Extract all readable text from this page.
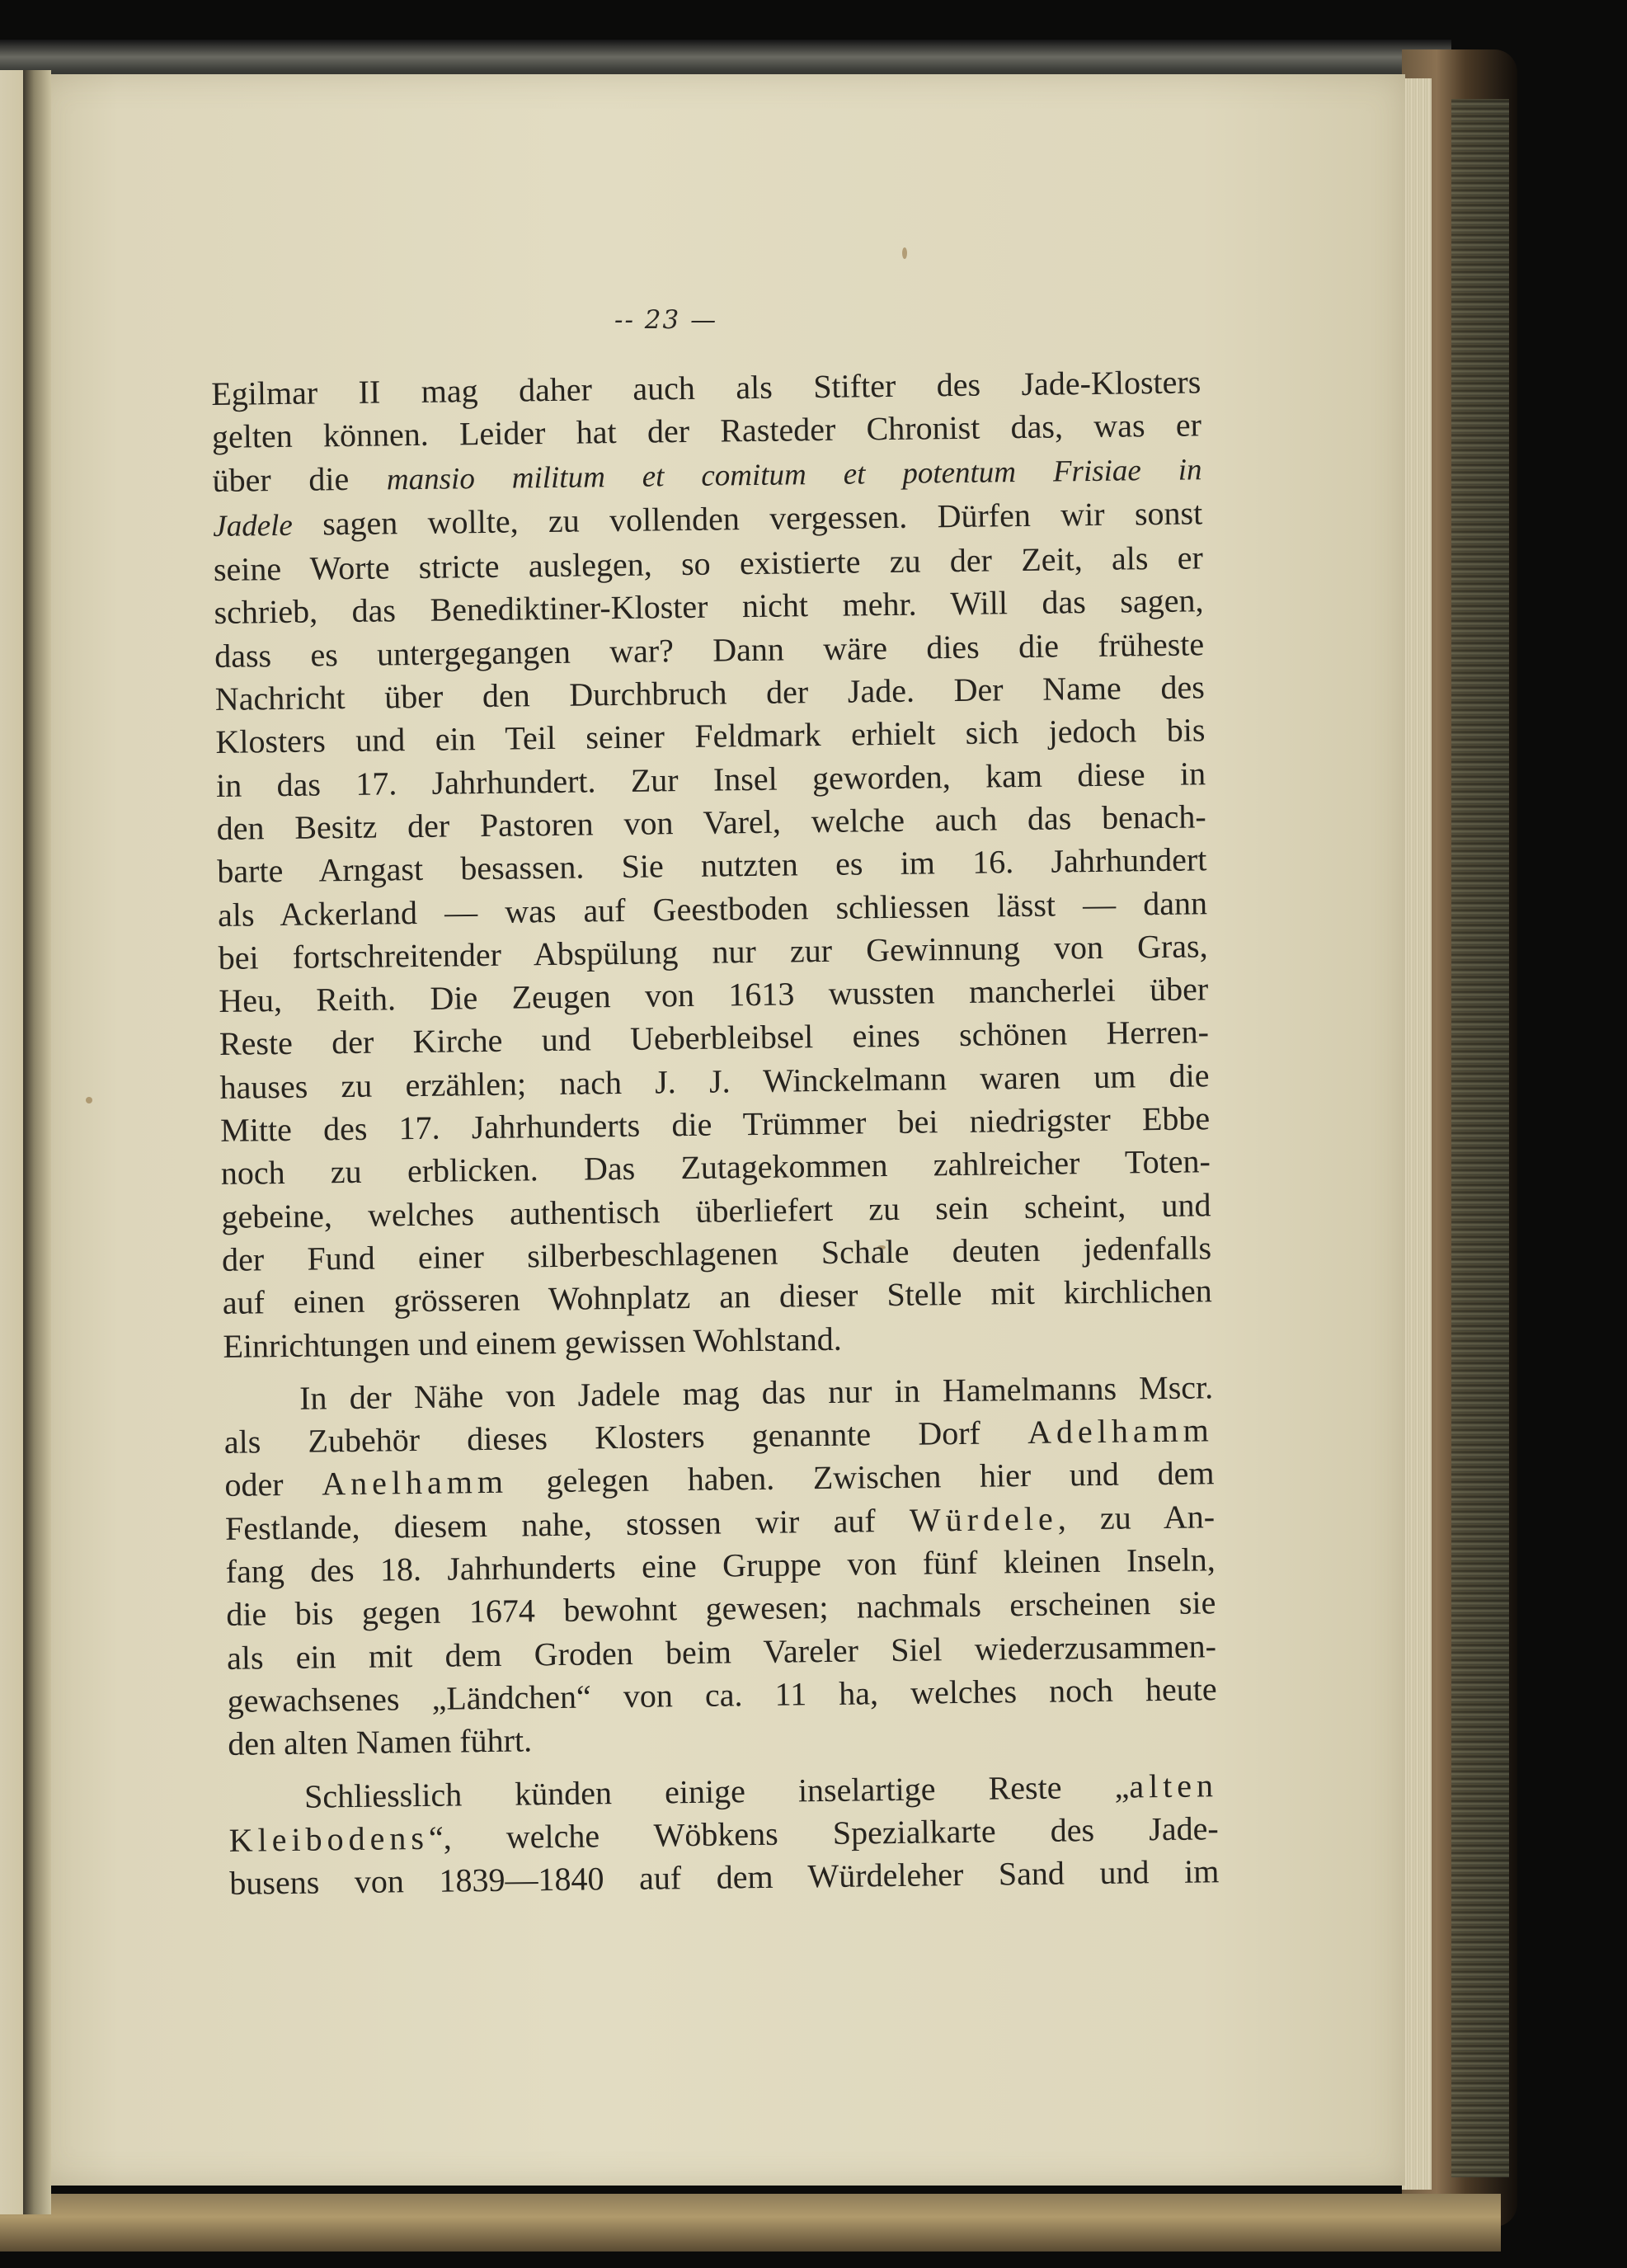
-- 23 —
Egilmar II mag daher auch als Stifter des Jade-Klosters
gelten können. Leider hat der Rasteder Chronist das, was er
über die mansio militum et comitum et potentum Frisiae in
Jadele sagen wollte, zu vollenden vergessen. Dürfen wir sonst
seine Worte stricte auslegen, so existierte zu der Zeit, als er
schrieb, das Benediktiner-Kloster nicht mehr. Will das sagen,
dass es untergegangen war? Dann wäre dies die früheste
Nachricht über den Durchbruch der Jade. Der Name des
Klosters und ein Teil seiner Feldmark erhielt sich jedoch bis
in das 17. Jahrhundert. Zur Insel geworden, kam diese in
den Besitz der Pastoren von Varel, welche auch das benach-
barte Arngast besassen. Sie nutzten es im 16. Jahrhundert
als Ackerland — was auf Geestboden schliessen lässt — dann
bei fortschreitender Abspülung nur zur Gewinnung von Gras,
Heu, Reith. Die Zeugen von 1613 wussten mancherlei über
Reste der Kirche und Ueberbleibsel eines schönen Herren-
hauses zu erzählen; nach J. J. Winckelmann waren um die
Mitte des 17. Jahrhunderts die Trümmer bei niedrigster Ebbe
noch zu erblicken. Das Zutagekommen zahlreicher Toten-
gebeine, welches authentisch überliefert zu sein scheint, und
der Fund einer silberbeschlagenen Schale deuten jedenfalls
auf einen grösseren Wohnplatz an dieser Stelle mit kirchlichen
Einrichtungen und einem gewissen Wohlstand.
In der Nähe von Jadele mag das nur in Hamelmanns Mscr.
als Zubehör dieses Klosters genannte Dorf Adelhamm
oder Anelhamm gelegen haben. Zwischen hier und dem
Festlande, diesem nahe, stossen wir auf Würdele, zu An-
fang des 18. Jahrhunderts eine Gruppe von fünf kleinen Inseln,
die bis gegen 1674 bewohnt gewesen; nachmals erscheinen sie
als ein mit dem Groden beim Vareler Siel wiederzusammen-
gewachsenes „Ländchen“ von ca. 11 ha, welches noch heute
den alten Namen führt.
Schliesslich künden einige inselartige Reste „alten
Kleibodens“, welche Wöbkens Spezialkarte des Jade-
busens von 1839—1840 auf dem Würdeleher Sand und im
